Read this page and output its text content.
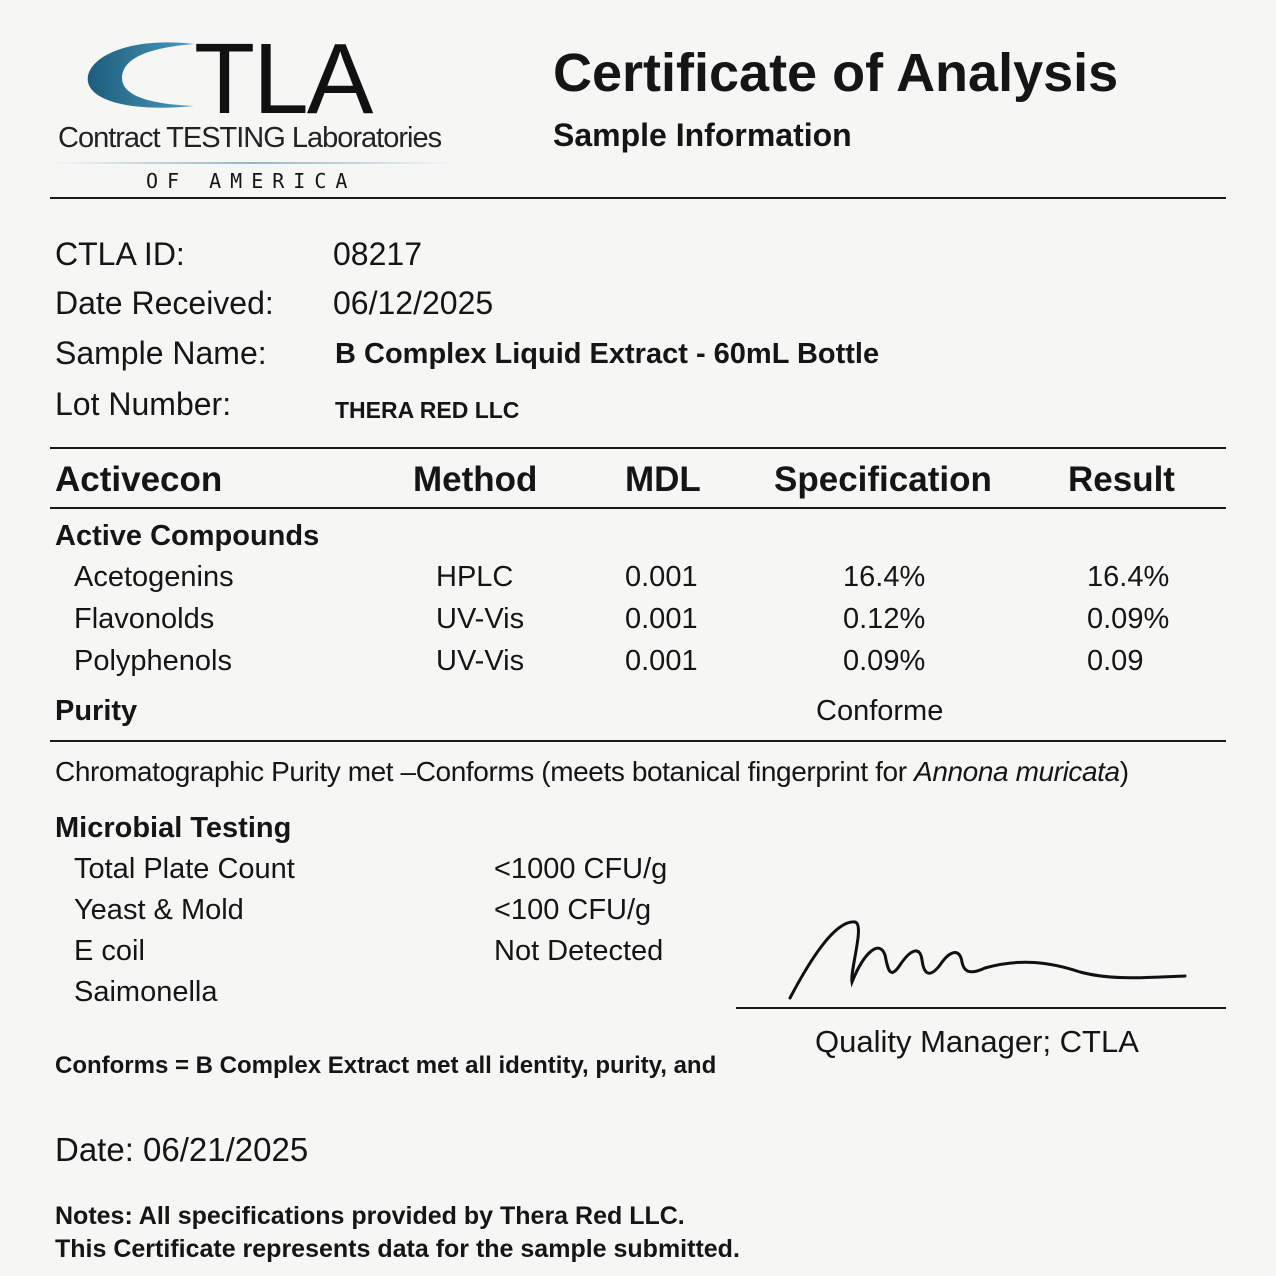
TLA
Contract TESTING Laboratories
OF AMERICA
Certificate of Analysis
Sample Information
CTLA ID:	08217
Date Received: 06/12/2025
Sample Name: B Complex Liquid Extract - 60mL Bottle
Lot Number:	THERA RED LLC
Activecon	Method	MDL Specification Result
Active Compounds
Acetogenins	HPLC	0.001	16.4%	16.4%
Flavonolds	UV-Vis	0.001	0.12%	0.09%
Polyphenols	UV-Vis	0.001	0.09%	0.09
Purity	Conforme
Chromatographic Purity met –Conforms (meets botanical fingerprint for Annona muricata)
Microbial Testing
Total Plate Count	<1000 CFU/g
Yeast & Mold	<100 CFU/g
E coil	Not Detected
Saimonella
Quality Manager; CTLA
Conforms = B Complex Extract met all identity, purity, and
Date: 06/21/2025
Notes: All specifications provided by Thera Red LLC.
This Certificate represents data for the sample submitted.
